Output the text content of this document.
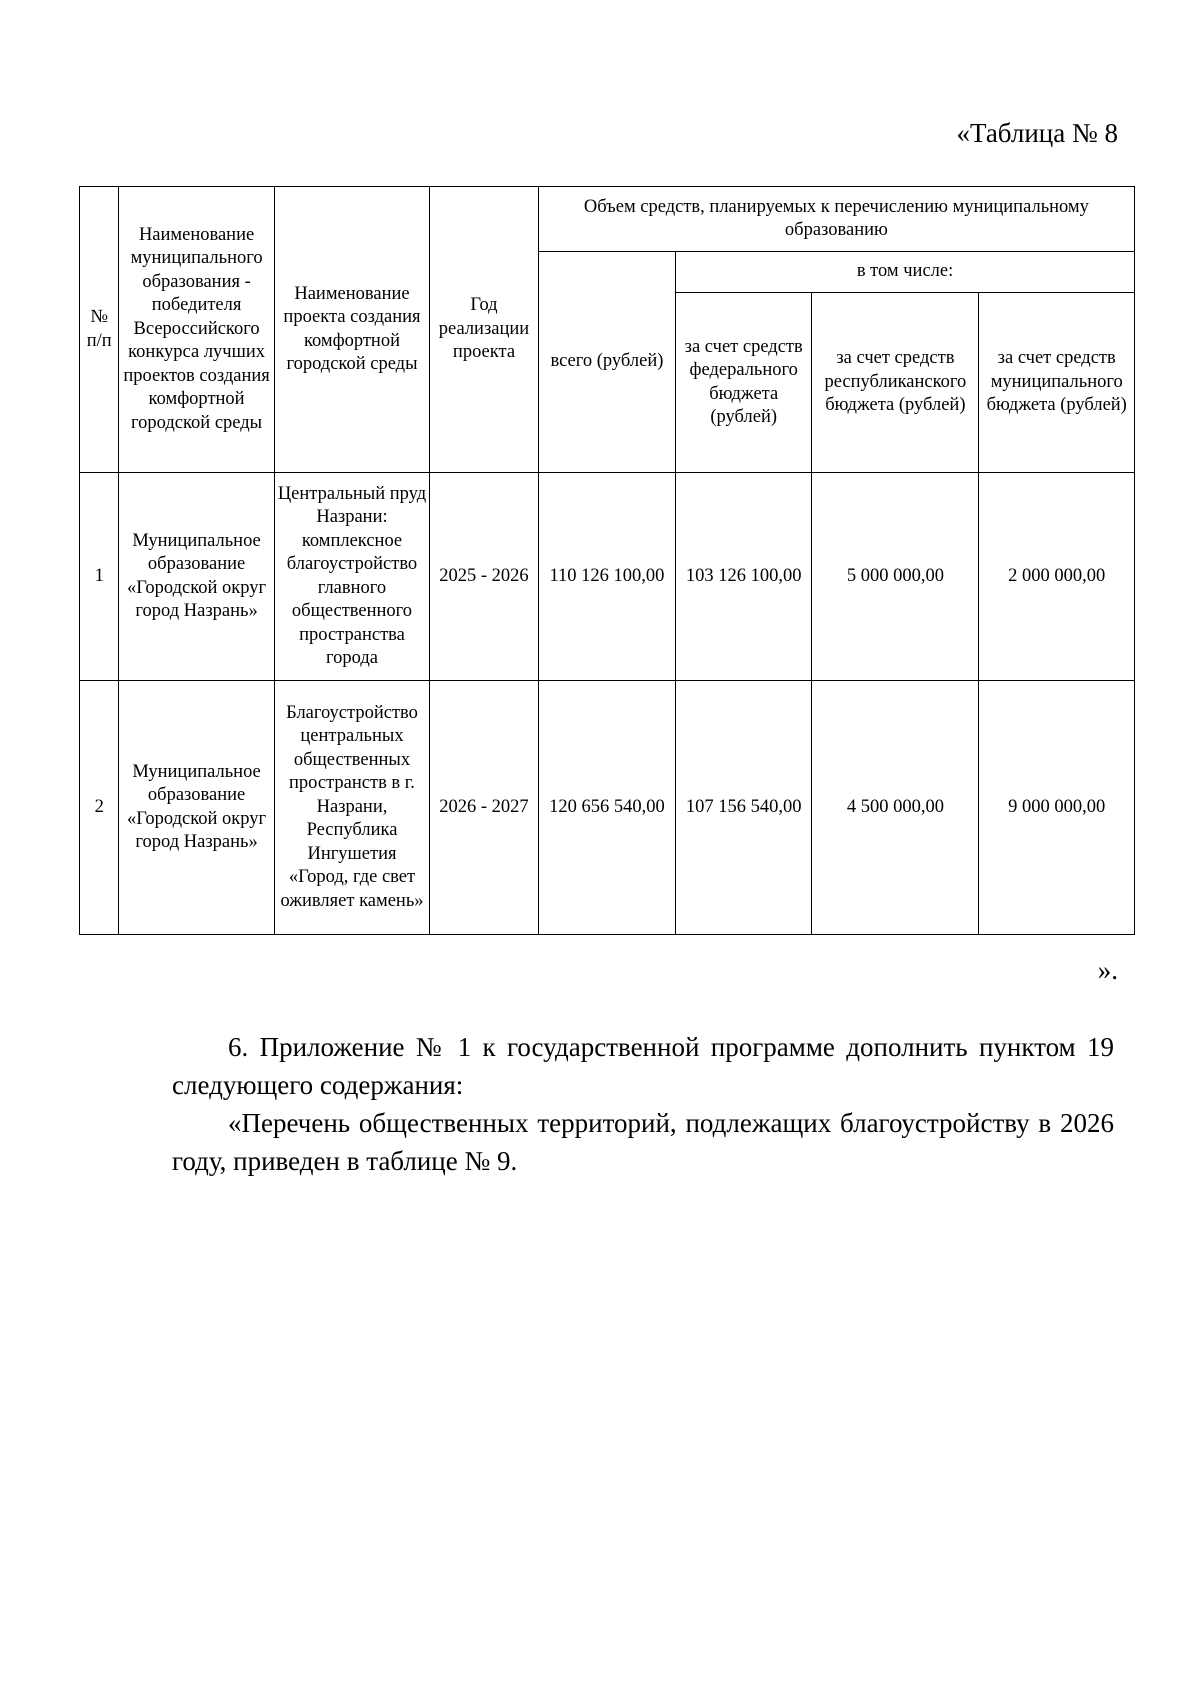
«Таблица № 8
№ п/п	Наименование муниципального образования - победителя Всероссийского конкурса лучших проектов создания комфортной городской среды	Наименование проекта создания комфортной городской среды	Год реализации проекта	Объем средств, планируемых к перечислению муниципальному образованию			
				всего (рублей)	в том числе:		
					за счет средств федерального бюджета (рублей)	за счет средств республиканского бюджета (рублей)	за счет средств муниципального бюджета (рублей)
1	Муниципальное образование «Городской округ город Назрань»	Центральный пруд Назрани: комплексное благоустройство главного общественного пространства города	2025 - 2026	110 126 100,00	103 126 100,00	5 000 000,00	2 000 000,00
2	Муниципальное образование «Городской округ город Назрань»	Благоустройство центральных общественных пространств в г. Назрани, Республика Ингушетия «Город, где свет оживляет камень»	2026 - 2027	120 656 540,00	107 156 540,00	4 500 000,00	9 000 000,00
».

6. Приложение № 1 к государственной программе дополнить пунктом 19 следующего содержания:

«Перечень общественных территорий, подлежащих благоустройству в 2026 году, приведен в таблице № 9.
